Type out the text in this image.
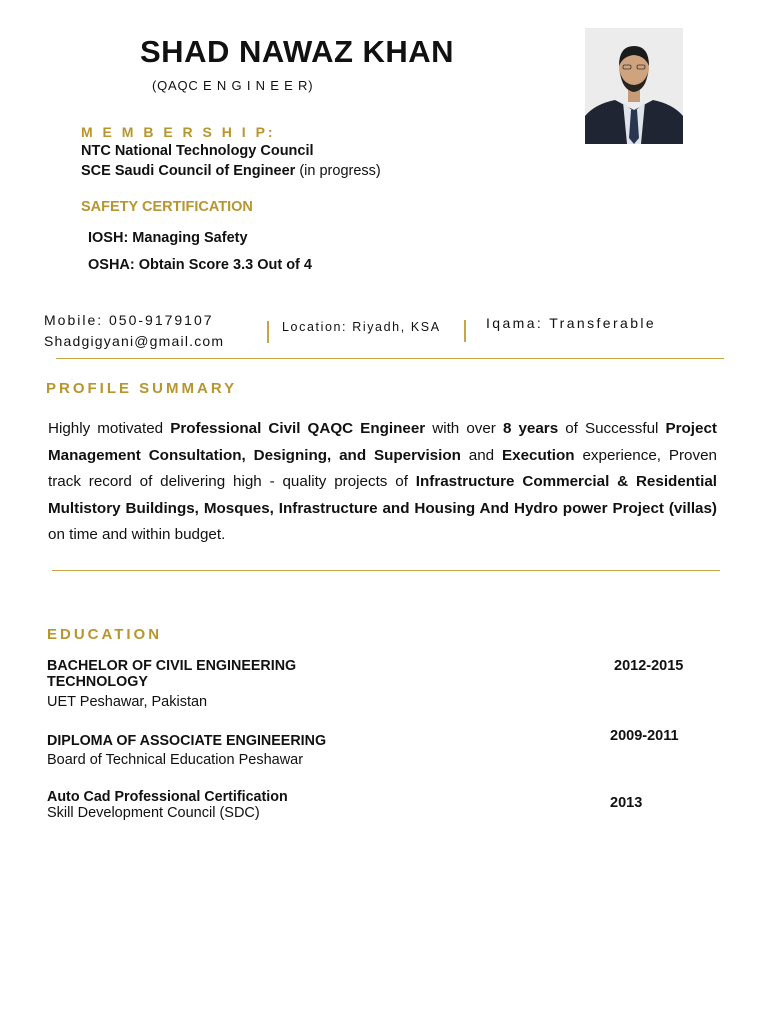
SHAD NAWAZ KHAN
(QAQC E N G I N E E R)
M E M B E R S H I P:
NTC National Technology Council
SCE Saudi Council of Engineer (in progress)
SAFETY CERTIFICATION
IOSH: Managing Safety
OSHA: Obtain Score 3.3 Out of 4
Mobile: 050-9179107
Shadgigyani@gmail.com
Location: Riyadh, KSA	Iqama: Transferable
PROFILE SUMMARY
Highly motivated Professional Civil QAQC Engineer with over 8 years of Successful Project Management Consultation, Designing, and Supervision and Execution experience, Proven track record of delivering high - quality projects of Infrastructure Commercial & Residential Multistory Buildings, Mosques, Infrastructure and Housing And Hydro power Project (villas) on time and within budget.
EDUCATION
BACHELOR OF CIVIL ENGINEERING TECHNOLOGY
UET Peshawar, Pakistan
2012-2015
DIPLOMA OF ASSOCIATE ENGINEERING
Board of Technical Education Peshawar
2009-2011
Auto Cad Professional Certification
Skill Development Council (SDC)
2013
